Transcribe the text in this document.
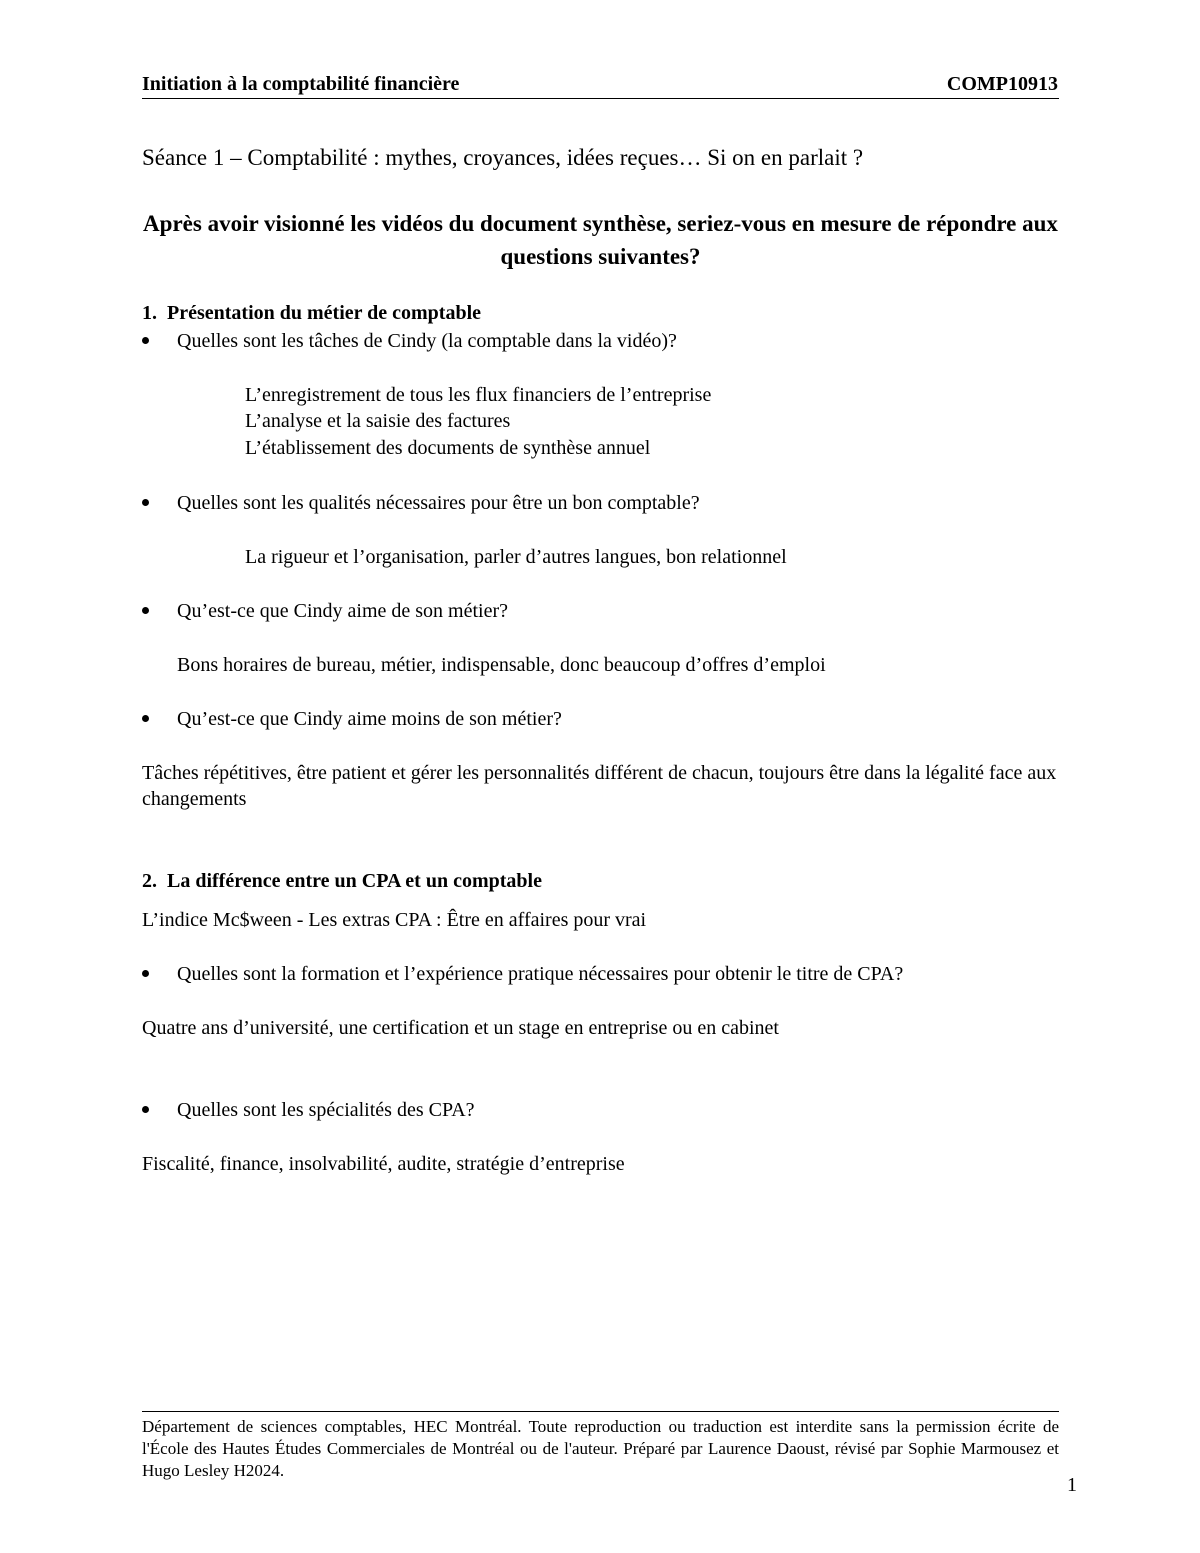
Initiation à la comptabilité financière	COMP10913
Séance 1 – Comptabilité : mythes, croyances, idées reçues… Si on en parlait ?
Après avoir visionné les vidéos du document synthèse, seriez-vous en mesure de répondre aux questions suivantes?
1.  Présentation du métier de comptable
Quelles sont les tâches de Cindy (la comptable dans la vidéo)?
L’enregistrement de tous les flux financiers de l’entreprise
L’analyse et la saisie des factures
L’établissement des documents de synthèse annuel
Quelles sont les qualités nécessaires pour être un bon comptable?
La rigueur et l’organisation, parler d’autres langues, bon relationnel
Qu’est-ce que Cindy aime de son métier?
Bons horaires de bureau, métier, indispensable, donc beaucoup d’offres d’emploi
Qu’est-ce que Cindy aime moins de son métier?
Tâches répétitives, être patient et gérer les personnalités différent de chacun, toujours être dans la légalité face aux changements
2.  La différence entre un CPA et un comptable
L’indice Mc$ween - Les extras CPA : Être en affaires pour vrai
Quelles sont la formation et l’expérience pratique nécessaires pour obtenir le titre de CPA?
Quatre ans d’université, une certification et un stage en entreprise ou en cabinet
Quelles sont les spécialités des CPA?
Fiscalité, finance, insolvabilité, audite, stratégie d’entreprise
Département de sciences comptables, HEC Montréal. Toute reproduction ou traduction est interdite sans la permission écrite de l'École des Hautes Études Commerciales de Montréal ou de l'auteur. Préparé par Laurence Daoust, révisé par Sophie Marmousez et Hugo Lesley H2024.
1
